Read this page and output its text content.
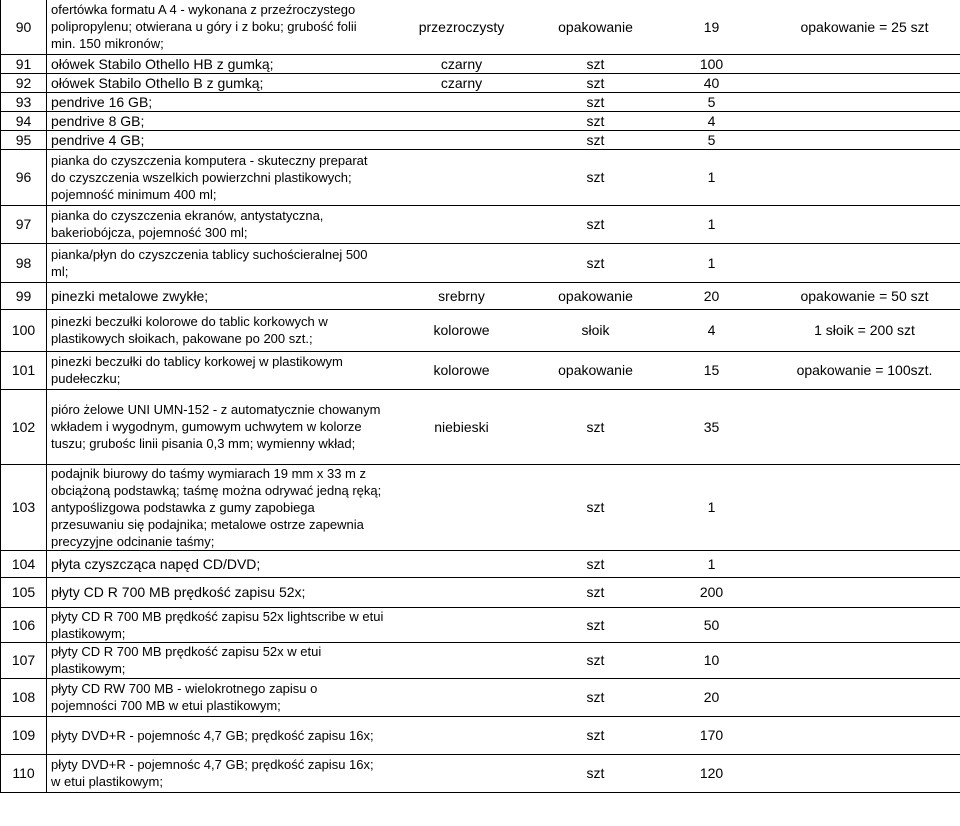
90	ofertówka formatu A 4 - wykonana z przeźroczystego polipropylenu; otwierana u góry i z boku; grubość folii min. 150 mikronów;	przezroczysty	opakowanie	19	opakowanie = 25 szt
91	ołówek Stabilo Othello HB z gumką;	czarny	szt	100	
92	ołówek Stabilo Othello B z gumką;	czarny	szt	40	
93	pendrive 16 GB;		szt	5	
94	pendrive 8 GB;		szt	4	
95	pendrive 4 GB;		szt	5	
96	pianka do czyszczenia komputera - skuteczny preparat do czyszczenia wszelkich powierzchni plastikowych; pojemność minimum 400 ml;		szt	1	
97	pianka do czyszczenia ekranów, antystatyczna, bakeriobójcza, pojemność 300 ml;		szt	1	
98	pianka/płyn do czyszczenia tablicy suchościeralnej 500 ml;		szt	1	
99	pinezki metalowe zwykłe;	srebrny	opakowanie	20	opakowanie = 50 szt
100	pinezki beczułki kolorowe do tablic korkowych w plastikowych słoikach, pakowane po 200 szt.;	kolorowe	słoik	4	1 słoik = 200 szt
101	pinezki beczułki do tablicy korkowej w plastikowym pudełeczku;	kolorowe	opakowanie	15	opakowanie = 100szt.
102	pióro żelowe UNI UMN-152 - z automatycznie chowanym wkładem i wygodnym, gumowym uchwytem w kolorze tuszu; grubośc linii pisania 0,3 mm; wymienny wkład;	niebieski	szt	35	
103	podajnik biurowy do taśmy wymiarach 19 mm x 33 m z obciążoną podstawką; taśmę można odrywać jedną ręką; antypoślizgowa podstawka z gumy zapobiega przesuwaniu się podajnika; metalowe ostrze zapewnia precyzyjne odcinanie taśmy;		szt	1	
104	płyta czyszcząca napęd CD/DVD;		szt	1	
105	płyty CD R 700 MB prędkość zapisu 52x;		szt	200	
106	płyty CD R 700 MB prędkość zapisu 52x lightscribe w etui plastikowym;		szt	50	
107	płyty CD R 700 MB prędkość zapisu 52x w etui plastikowym;		szt	10	
108	płyty CD RW 700 MB - wielokrotnego zapisu o pojemności 700 MB w etui plastikowym;		szt	20	
109	płyty DVD+R - pojemnośc 4,7 GB; prędkość zapisu 16x;		szt	170	
110	płyty DVD+R - pojemnośc 4,7 GB; prędkość zapisu 16x; w etui plastikowym;		szt	120	
